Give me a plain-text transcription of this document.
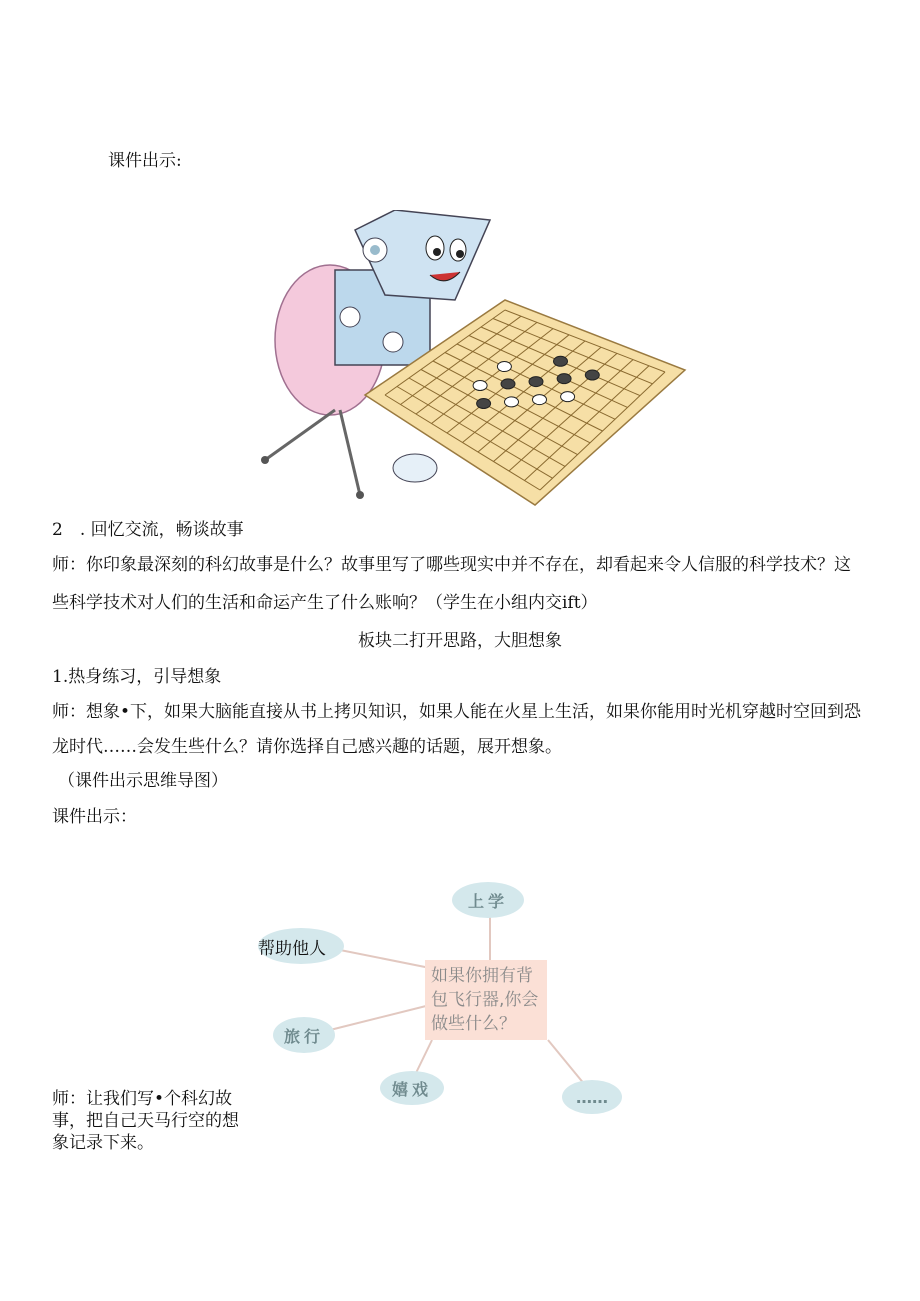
课件出示:
2　. 回忆交流，畅谈故事
师：你印象最深刻的科幻故事是什么？故事里写了哪些现实中并不存在，却看起来令人信服的科学技术？这
些科学技术对人们的生活和命运产生了什么账响？（学生在小组内交ift）
板块二打开思路，大胆想象
1.热身练习，引导想象
师：想象•下，如果大脑能直接从书上拷贝知识，如果人能在火星上生活，如果你能用时光机穿越时空回到恐
龙时代……会发生些什么？请你选择自己感兴趣的话题，展开想象。
（课件出示思维导图）
课件出示：
如果你拥有背
包飞行器,你会
做些什么？
上学
帮助他人
旅行
嬉戏	……
师：让我们写•个科幻故
事，把自己天马行空的想
象记录下来。
